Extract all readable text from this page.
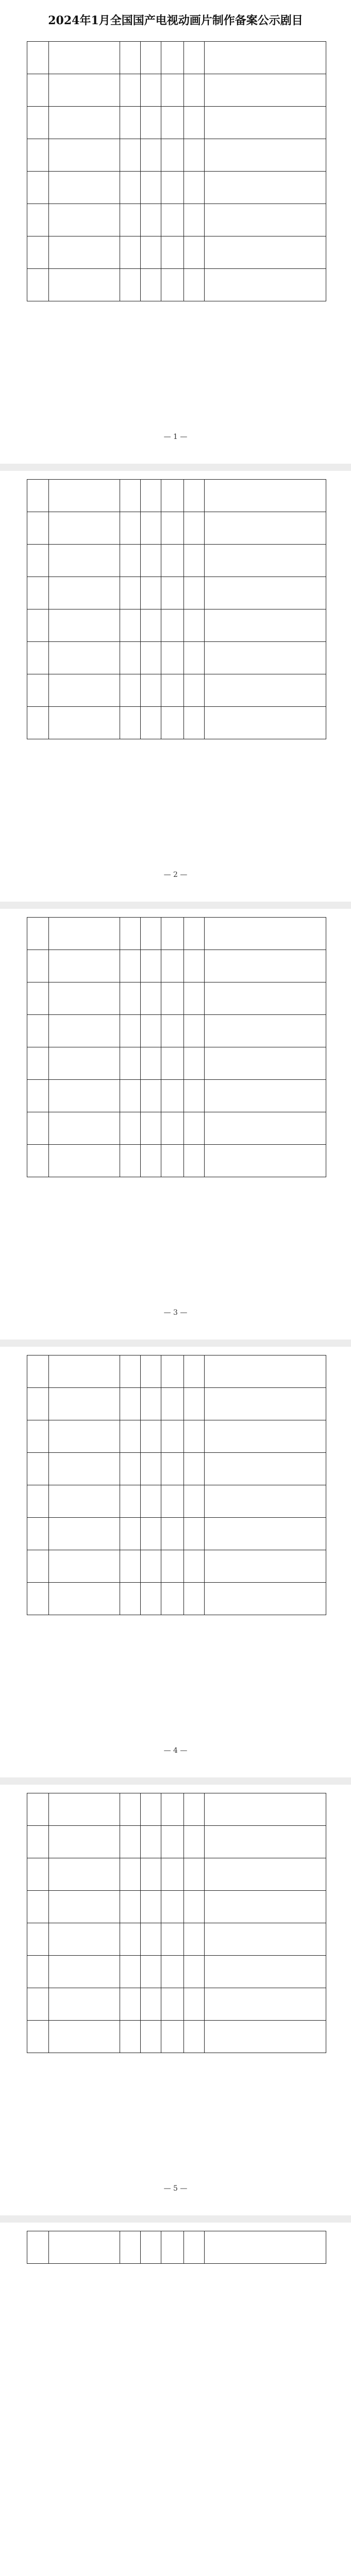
2024年1月全国国产电视动画片制作备案公示剧目

— 1 —

— 2 —

— 3 —

— 4 —

— 5 —
